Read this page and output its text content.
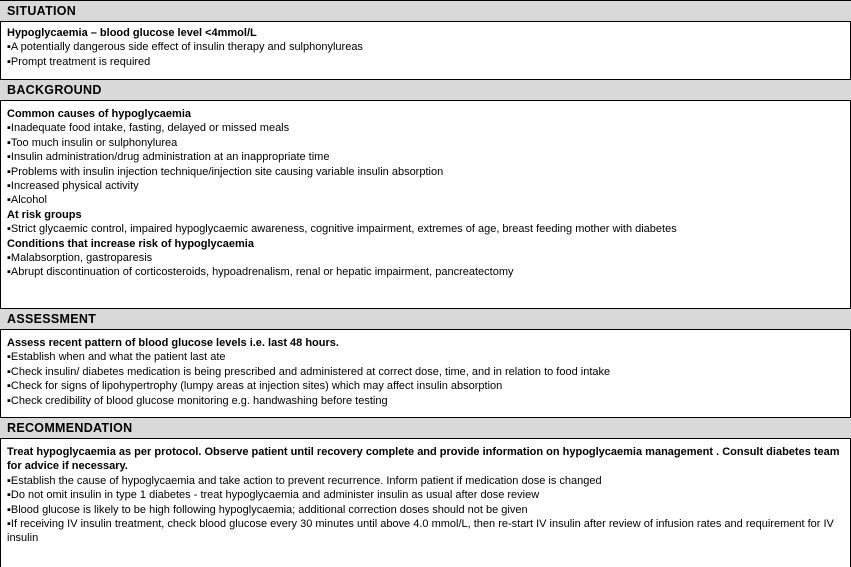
SITUATION
Hypoglycaemia – blood glucose level <4mmol/L
▪A potentially dangerous side effect of insulin therapy and sulphonylureas
▪Prompt treatment is required
BACKGROUND
Common causes of hypoglycaemia
▪Inadequate food intake, fasting, delayed or missed meals
▪Too much insulin or sulphonylurea
▪Insulin administration/drug administration at an inappropriate time
▪Problems with insulin injection technique/injection site causing variable insulin absorption
▪Increased physical activity
▪Alcohol
At risk groups
▪Strict glycaemic control, impaired hypoglycaemic awareness, cognitive impairment, extremes of age, breast feeding mother with diabetes
Conditions that increase risk of hypoglycaemia
▪Malabsorption, gastroparesis
▪Abrupt discontinuation of corticosteroids, hypoadrenalism, renal or hepatic impairment, pancreatectomy
ASSESSMENT
Assess recent pattern of blood glucose levels i.e. last 48 hours.
▪Establish when and what the patient last ate
▪Check insulin/ diabetes medication is being prescribed and administered at correct dose, time, and in relation to food intake
▪Check for signs of lipohypertrophy (lumpy areas at injection sites) which may affect insulin absorption
▪Check credibility of blood glucose monitoring e.g. handwashing before testing
RECOMMENDATION
Treat hypoglycaemia as per protocol. Observe patient until recovery complete and provide information on hypoglycaemia management . Consult diabetes team for advice if necessary.
▪Establish the cause of hypoglycaemia and take action to prevent recurrence. Inform patient if medication dose is changed
▪Do not omit insulin in type 1 diabetes - treat hypoglycaemia and administer insulin as usual after dose review
▪Blood glucose is likely to be high following hypoglycaemia; additional correction doses should not be given
▪If receiving IV insulin treatment, check blood glucose every 30 minutes until above 4.0 mmol/L, then re-start IV insulin after review of infusion rates and requirement for IV insulin
